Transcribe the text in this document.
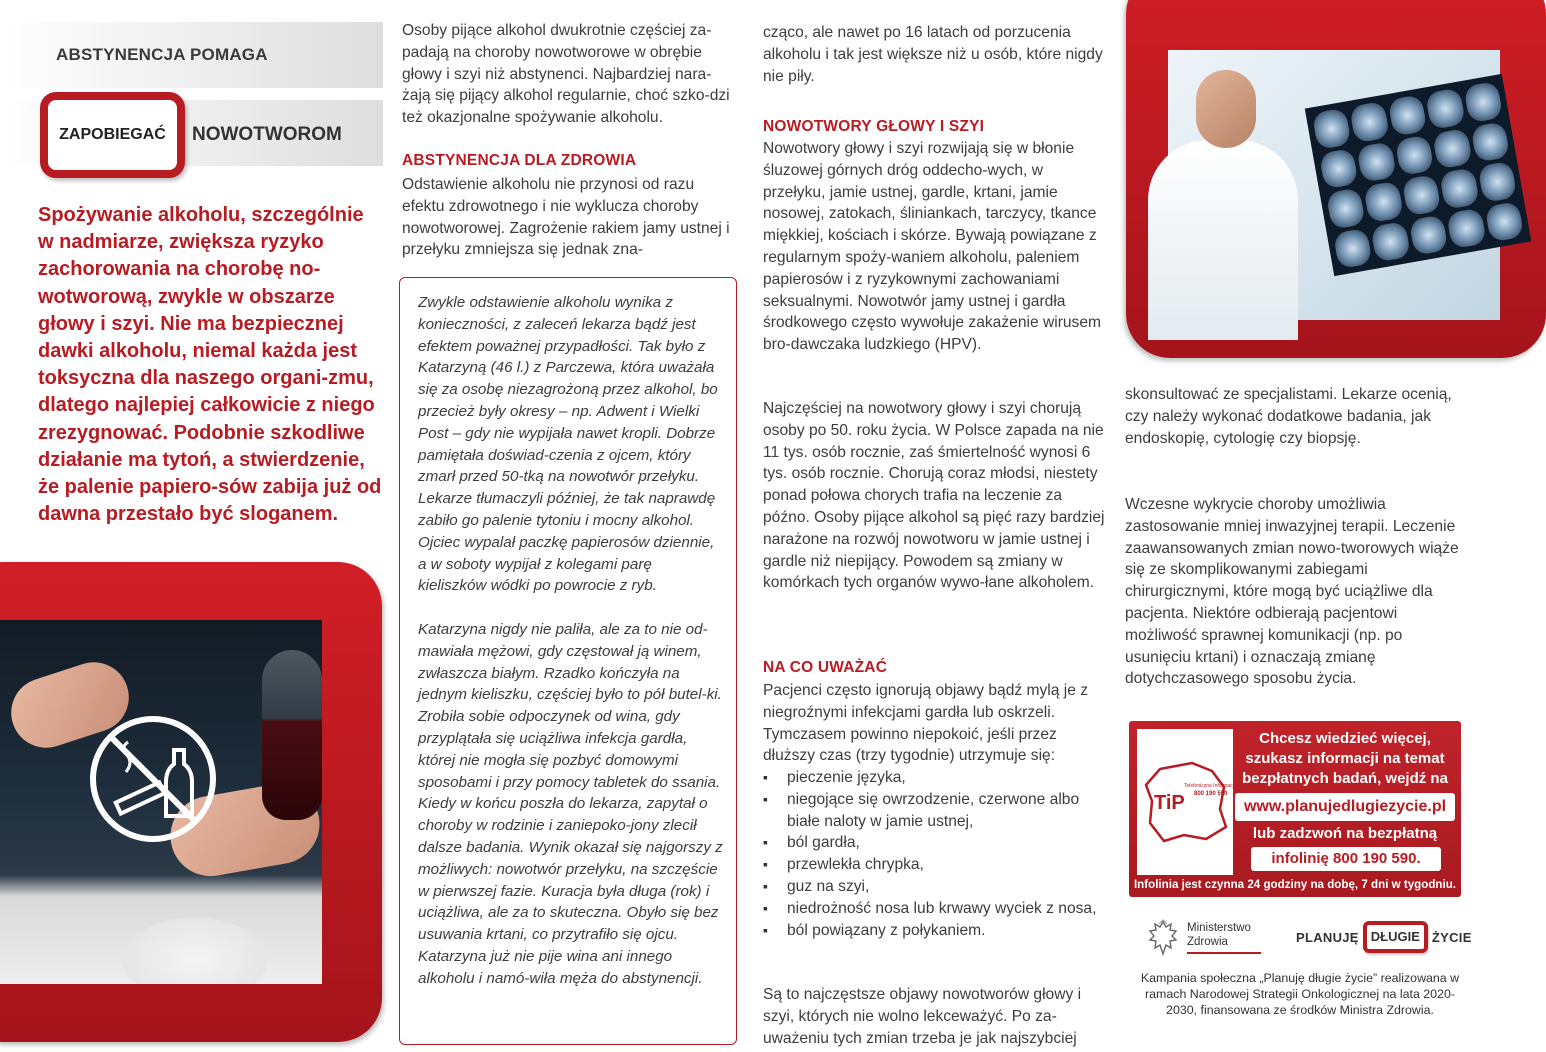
ABSTYNENCJA POMAGA
ZAPOBIEGAĆ NOWOTWOROM
Spożywanie alkoholu, szczególnie w nadmiarze, zwiększa ryzyko zachorowania na chorobę no-wotworową, zwykle w obszarze głowy i szyi. Nie ma bezpiecznej dawki alkoholu, niemal każda jest toksyczna dla naszego organi-zmu, dlatego najlepiej całkowicie z niego zrezygnować. Podobnie szkodliwe działanie ma tytoń, a stwierdzenie, że palenie papiero-sów zabija już od dawna przestało być sloganem.
Osoby pijące alkohol dwukrotnie częściej za-padają na choroby nowotworowe w obrębie głowy i szyi niż abstynenci. Najbardziej nara-żają się pijący alkohol regularnie, choć szko-dzi też okazjonalne spożywanie alkoholu.
ABSTYNENCJA DLA ZDROWIA
Odstawienie alkoholu nie przynosi od razu efektu zdrowotnego i nie wyklucza choroby nowotworowej. Zagrożenie rakiem jamy ustnej i przełyku zmniejsza się jednak zna-

Zwykle odstawienie alkoholu wynika z konieczności, z zaleceń lekarza bądź jest efektem poważnej przypadłości. Tak było z Katarzyną (46 l.) z Parczewa, która uważała się za osobę niezagrożoną przez alkohol, bo przecież były okresy – np. Adwent i Wielki Post – gdy nie wypijała nawet kropli. Dobrze pamiętała doświad-czenia z ojcem, który zmarł przed 50-tką na nowotwór przełyku. Lekarze tłumaczyli później, że tak naprawdę zabiło go palenie tytoniu i mocny alkohol. Ojciec wypalał paczkę papierosów dziennie, a w soboty wypijał z kolegami parę kieliszków wódki po powrocie z ryb.

Katarzyna nigdy nie paliła, ale za to nie od-mawiała mężowi, gdy częstował ją winem, zwłaszcza białym. Rzadko kończyła na jednym kieliszku, częściej było to pół butel-ki. Zrobiła sobie odpoczynek od wina, gdy przyplątała się uciążliwa infekcja gardła, której nie mogła się pozbyć domowymi sposobami i przy pomocy tabletek do ssania. Kiedy w końcu poszła do lekarza, zapytał o choroby w rodzinie i zaniepoko-jony zlecił dalsze badania. Wynik okazał się najgorszy z możliwych: nowotwór przełyku, na szczęście w pierwszej fazie. Kuracja była długa (rok) i uciążliwa, ale za to skuteczna. Obyło się bez usuwania krtani, co przytrafiło się ojcu. Katarzyna już nie pije wina ani innego alkoholu i namó-wiła męża do abstynencji.

cząco, ale nawet po 16 latach od porzucenia alkoholu i tak jest większe niż u osób, które nigdy nie piły.
NOWOTWORY GŁOWY I SZYI
Nowotwory głowy i szyi rozwijają się w błonie śluzowej górnych dróg oddecho-wych, w przełyku, jamie ustnej, gardle, krtani, jamie nosowej, zatokach, śliniankach, tarczycy, tkance miękkiej, kościach i skórze. Bywają powiązane z regularnym spoży-waniem alkoholu, paleniem papierosów i z ryzykownymi zachowaniami seksualnymi. Nowotwór jamy ustnej i gardła środkowego często wywołuje zakażenie wirusem bro-dawczaka ludzkiego (HPV).
Najczęściej na nowotwory głowy i szyi chorują osoby po 50. roku życia. W Polsce zapada na nie 11 tys. osób rocznie, zaś śmiertelność wynosi 6 tys. osób rocznie. Chorują coraz młodsi, niestety ponad połowa chorych trafia na leczenie za późno. Osoby pijące alkohol są pięć razy bardziej narażone na rozwój nowotworu w jamie ustnej i gardle niż niepijący. Powodem są zmiany w komórkach tych organów wywo-łane alkoholem.
NA CO UWAŻAĆ
Pacjenci często ignorują objawy bądź mylą je z niegroźnymi infekcjami gardła lub oskrzeli. Tymczasem powinno niepokoić, jeśli przez dłuższy czas (trzy tygodnie) utrzymuje się:
▪ pieczenie języka,
▪ niegojące się owrzodzenie, czerwone albo białe naloty w jamie ustnej,
▪ ból gardła,
▪ przewlekła chrypka,
▪ guz na szyi,
▪ niedrożność nosa lub krwawy wyciek z nosa,
▪ ból powiązany z połykaniem.
Są to najczęstsze objawy nowotworów głowy i szyi, których nie wolno lekceważyć. Po za-uważeniu tych zmian trzeba je jak najszybciej
skonsultować ze specjalistami. Lekarze ocenią, czy należy wykonać dodatkowe badania, jak endoskopię, cytologię czy biopsję.
Wczesne wykrycie choroby umożliwia zastosowanie mniej inwazyjnej terapii. Leczenie zaawansowanych zmian nowo-tworowych wiąże się ze skomplikowanymi zabiegami chirurgicznymi, które mogą być uciążliwe dla pacjenta. Niektóre odbierają pacjentowi możliwość sprawnej komunikacji (np. po usunięciu krtani) i oznaczają zmianę dotychczasowego sposobu życia.
TiP
Telefoniczna Informacja Pacjenta
800 190 590
Chcesz wiedzieć więcej, szukasz informacji na temat bezpłatnych badań, wejdź na
www.planujedlugiezycie.pl
lub zadzwoń na bezpłatną
infolinię 800 190 590.
Infolinia jest czynna 24 godziny na dobę, 7 dni w tygodniu.
Ministerstwo
Zdrowia	PLANUJĘ DŁUGIE ŻYCIE
Kampania społeczna „Planuję długie życie” realizowana w ramach Narodowej Strategii Onkologicznej na lata 2020-2030, finansowana ze środków Ministra Zdrowia.
